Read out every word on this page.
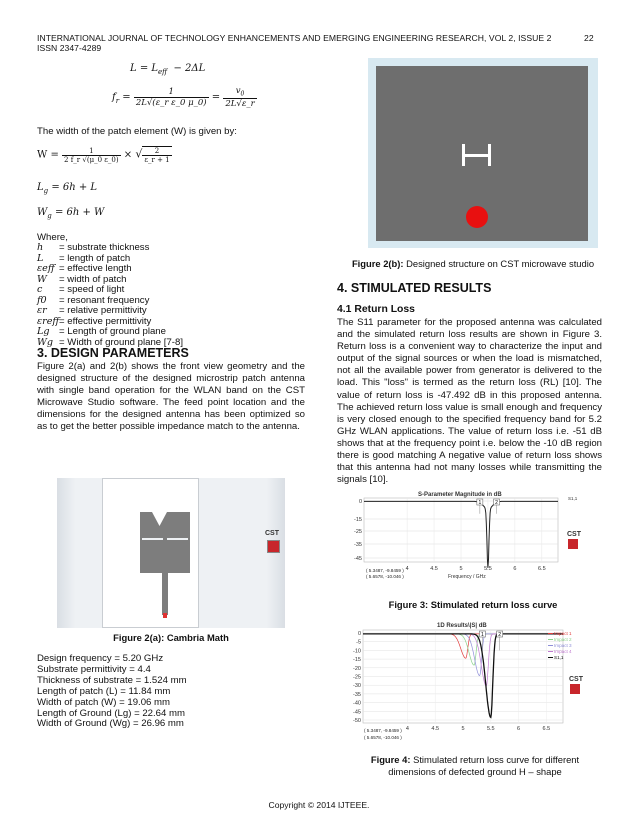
INTERNATIONAL JOURNAL OF TECHNOLOGY ENHANCEMENTS AND EMERGING ENGINEERING RESEARCH, VOL 2, ISSUE 2	22
ISSN 2347-4289
$L = L_{eff} - 2\Delta L$
$f_r = \frac{1}{\text{2L√(ε\_r ε\_0 μ\_0)}} = \frac{v_0}{2L√\varepsilon\_r}$
The width of the patch element (W) is given by:
$W = \frac{1}{2 f\_r √(\mu\_0 \varepsilon\_0)}$ × √ $\frac{2}{\varepsilon\_r + 1}$
$L_g = 6h + L$
$W_g = 6h + W$
Where,
h = substrate thickness
L = length of patch
εeff = effective length
W = width of patch
c = speed of light
f0 = resonant frequency
εr = relative permittivity
εreff= effective permittivity
Lg = Length of ground plane
Wg = Width of ground plane [7-8]
3. DESIGN PARAMETERS
Figure 2(a) and 2(b) shows the front view geometry and the designed structure of the designed microstrip patch antenna with single band operation for the WLAN band on the CST Microwave Studio software. The feed point location and the dimensions for the designed antenna has been optimized so as to get the better possible impedance match to the antenna.
CST
Figure 2(a): Cambria Math
Design frequency = 5.20 GHz
Substrate permittivity = 4.4
Thickness of substrate = 1.524 mm
Length of patch (L) = 11.84 mm
Width of patch (W) = 19.06 mm
Length of Ground (Lg) = 22.64 mm
Width of Ground (Wg) = 26.96 mm
Figure 2(b): Designed structure on CST microwave studio
4. STIMULATED RESULTS
4.1 Return Loss
The S11 parameter for the proposed antenna was calculated and the simulated return loss results are shown in Figure 3. Return loss is a convenient way to characterize the input and output of the signal sources or when the load is mismatched, not all the available power from generator is delivered to the load. This "loss" is termed as the return loss (RL) [10]. The value of return loss is -47.492 dB in this proposed antenna. The achieved return loss value is small enough and frequency is very closed enough to the specified frequency band for 5.2 GHz WLAN applications. The value of return loss i.e. -51 dB shows that at the frequency point i.e. below the -10 dB region there is good matching A negative value of return loss shows that this antenna had not many losses while transmitting the signals [10].
S-Parameter Magnitude in dB
S1,1
0
-15
-25
-35
-45
4	4.5	5	5.5	6	6.5
1	2
Frequency / GHz
CST
( 5.3487, -9.8459 )
( 5.6578, -10.046 )
Figure 3: Stimulated return loss curve
1D Results\|S| dB
0
-5
-10
-15
-20
-25
-30
-35
-40
-45
-50
4	4.5	5	5.5	6	6.5
1	2	Impact 1
Impact 2
Impact 3
Impact 4
S1,1
CST
( 5.3487, -9.8459 )
( 5.6578, -10.046 )
Figure 4: Stimulated return loss curve for different dimensions of defected ground H – shape
Copyright © 2014 IJTEEE.
